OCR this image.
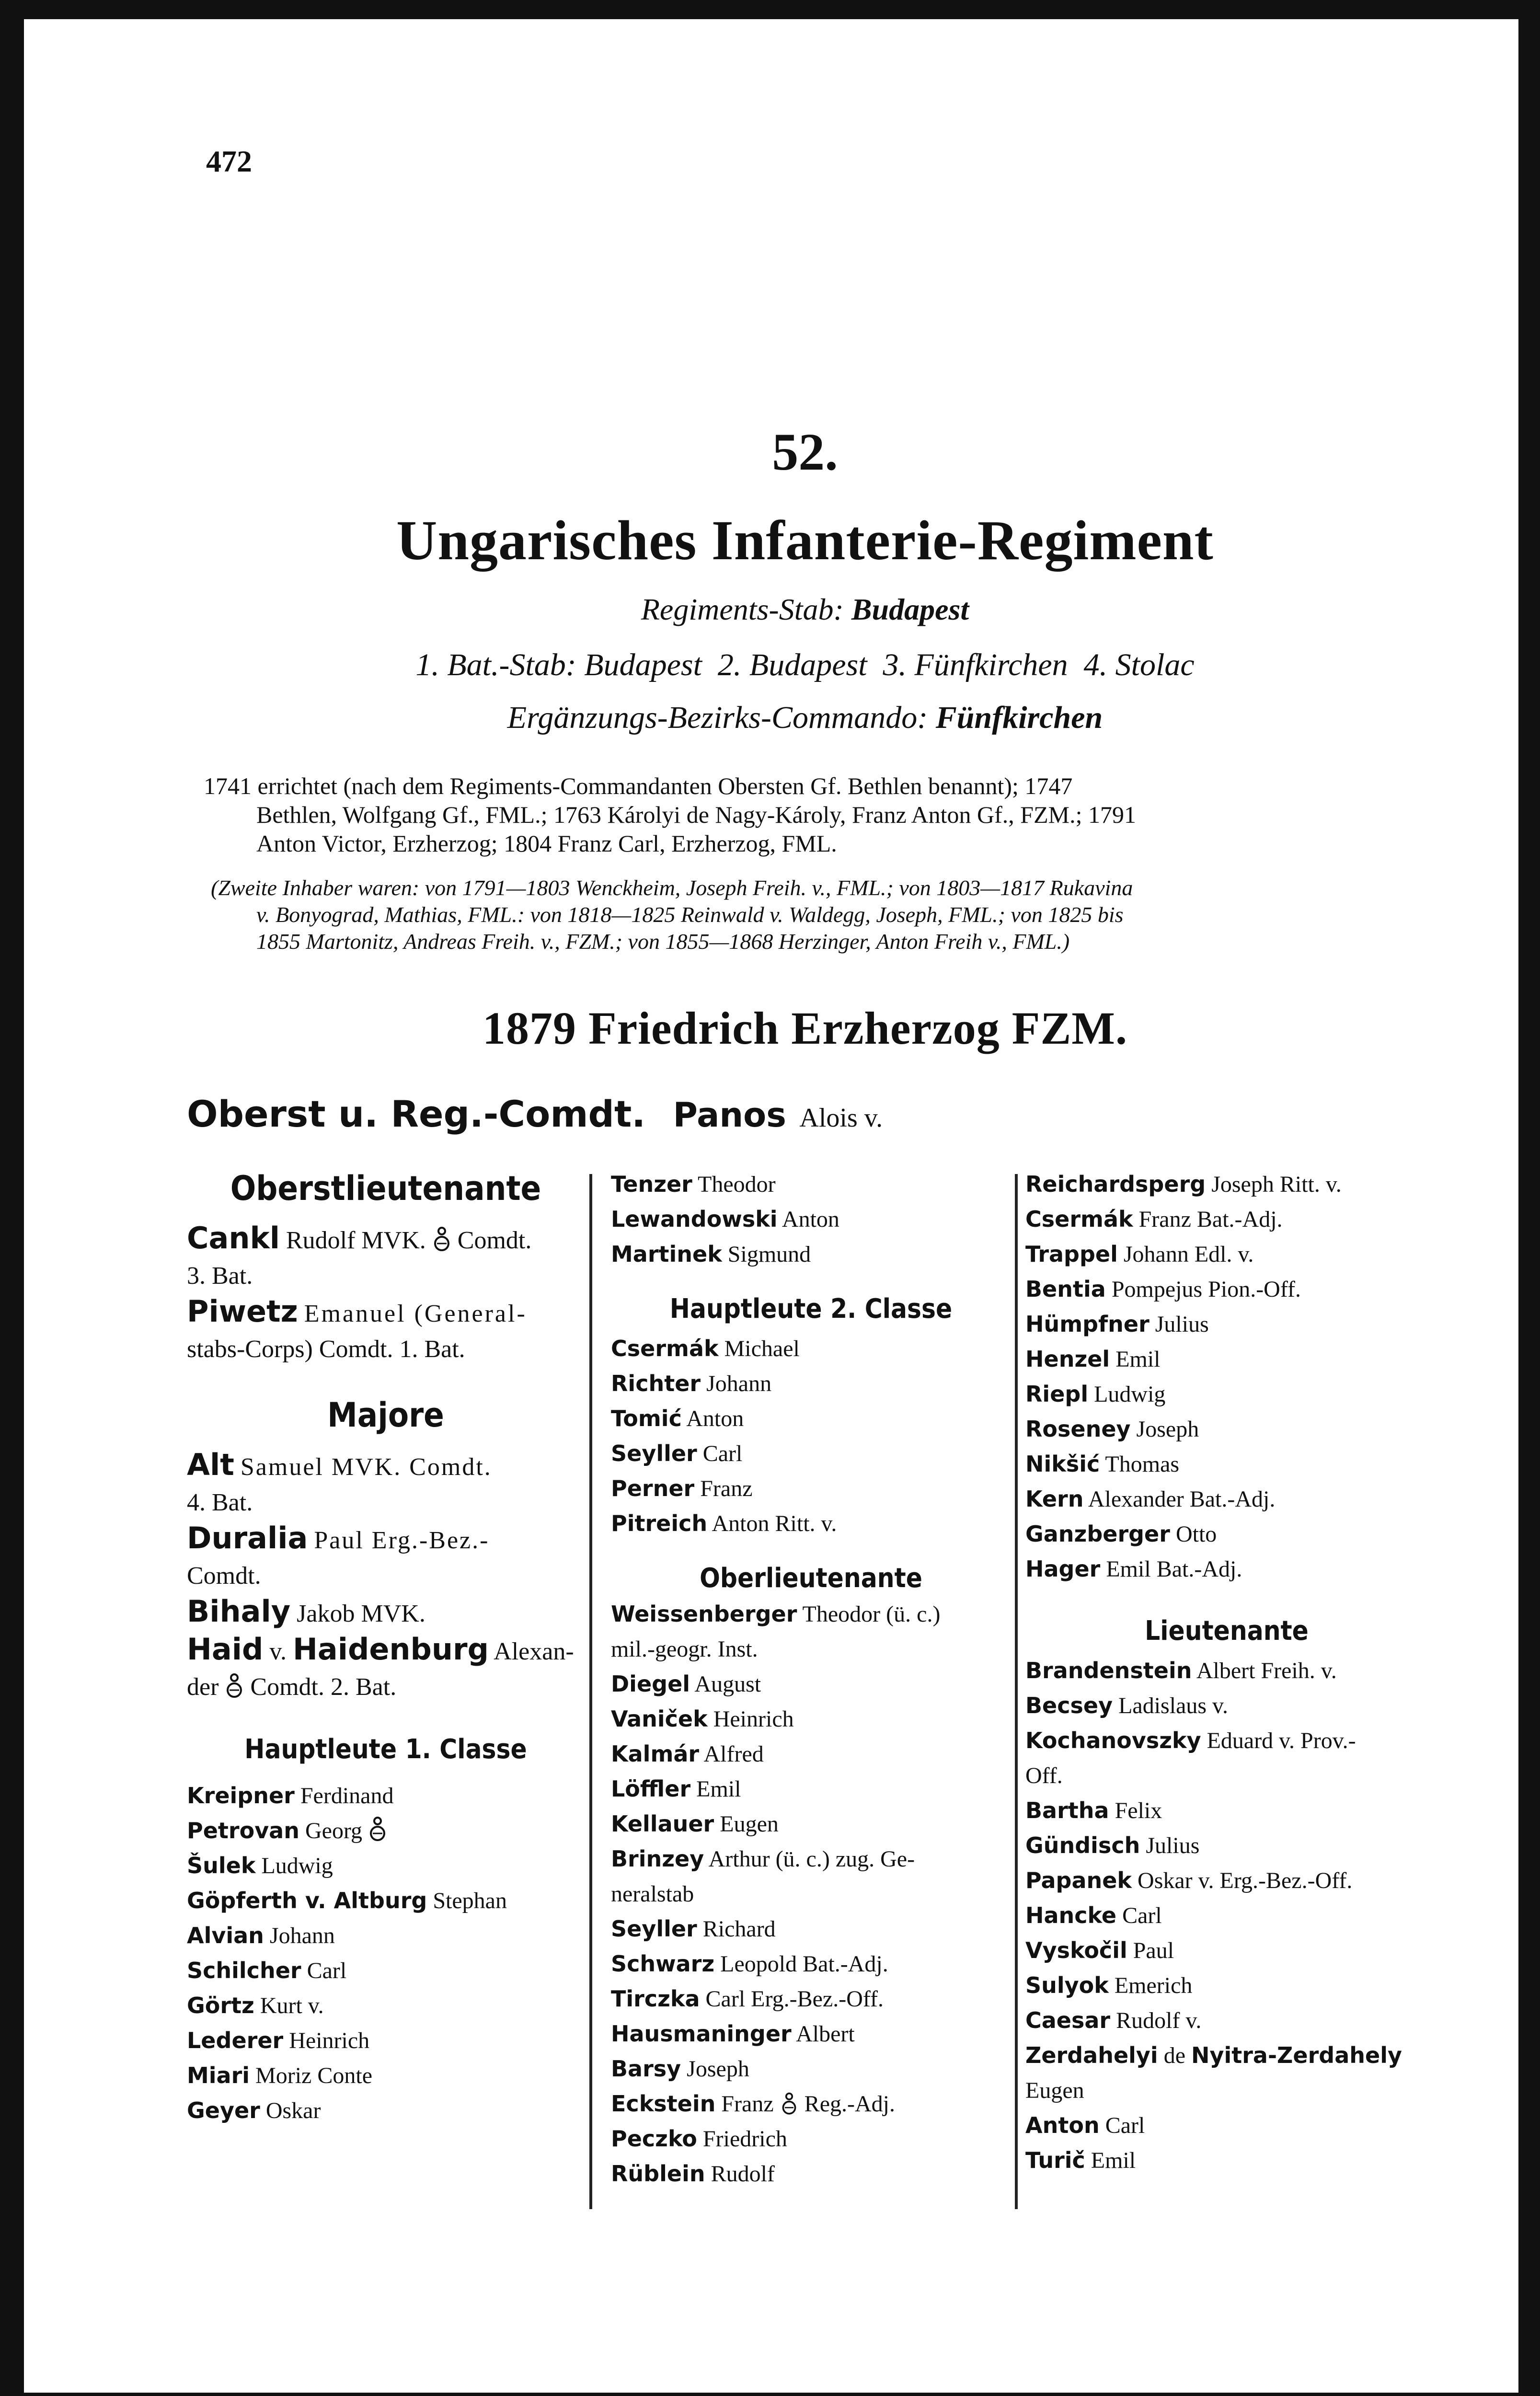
472
52.
Ungarisches Infanterie-Regiment
Regiments-Stab: Budapest
1. Bat.-Stab: Budapest  2. Budapest  3. Fünfkirchen  4. Stolac
Ergänzungs-Bezirks-Commando: Fünfkirchen

1741 errichtet (nach dem Regiments-Commandanten Obersten Gf. Bethlen benannt); 1747

Bethlen, Wolfgang Gf., FML.; 1763 Károlyi de Nagy-Károly, Franz Anton Gf., FZM.; 1791

Anton Victor, Erzherzog; 1804 Franz Carl, Erzherzog, FML.

(Zweite Inhaber waren: von 1791—1803 Wenckheim, Joseph Freih. v., FML.; von 1803—1817 Rukavina

v. Bonyograd, Mathias, FML.: von 1818—1825 Reinwald v. Waldegg, Joseph, FML.; von 1825 bis

1855 Martonitz, Andreas Freih. v., FZM.; von 1855—1868 Herzinger, Anton Freih v., FML.)

1879 Friedrich Erzherzog FZM.
Oberst u. Reg.-Comdt. Panos Alois v.

Oberstlieutenante

Cankl Rudolf MVK. Comdt.

3. Bat.

Piwetz Emanuel (General-

stabs-Corps) Comdt. 1. Bat.

Majore

Alt Samuel MVK. Comdt.

4. Bat.

Duralia Paul Erg.-Bez.-

Comdt.

Bihaly Jakob MVK.

Haid v. Haidenburg Alexan-

der Comdt. 2. Bat.

Hauptleute 1. Classe

Kreipner Ferdinand

Petrovan Georg

Šulek Ludwig

Göpferth v. Altburg Stephan

Alvian Johann

Schilcher Carl

Görtz Kurt v.

Lederer Heinrich

Miari Moriz Conte

Geyer Oskar

Tenzer Theodor

Lewandowski Anton

Martinek Sigmund

Hauptleute 2. Classe

Csermák Michael

Richter Johann

Tomić Anton

Seyller Carl

Perner Franz

Pitreich Anton Ritt. v.

Oberlieutenante

Weissenberger Theodor (ü. c.)

mil.-geogr. Inst.

Diegel August

Vaniček Heinrich

Kalmár Alfred

Löffler Emil

Kellauer Eugen

Brinzey Arthur (ü. c.) zug. Ge-

neralstab

Seyller Richard

Schwarz Leopold Bat.-Adj.

Tirczka Carl Erg.-Bez.-Off.

Hausmaninger Albert

Barsy Joseph

Eckstein Franz Reg.-Adj.

Peczko Friedrich

Rüblein Rudolf

Reichardsperg Joseph Ritt. v.

Csermák Franz Bat.-Adj.

Trappel Johann Edl. v.

Bentia Pompejus Pion.-Off.

Hümpfner Julius

Henzel Emil

Riepl Ludwig

Roseney Joseph

Nikšić Thomas

Kern Alexander Bat.-Adj.

Ganzberger Otto

Hager Emil Bat.-Adj.

Lieutenante

Brandenstein Albert Freih. v.

Becsey Ladislaus v.

Kochanovszky Eduard v. Prov.-

Off.

Bartha Felix

Gündisch Julius

Papanek Oskar v. Erg.-Bez.-Off.

Hancke Carl

Vyskočil Paul

Sulyok Emerich

Caesar Rudolf v.

Zerdahelyi de Nyitra-Zerdahely

Eugen

Anton Carl

Turič Emil
